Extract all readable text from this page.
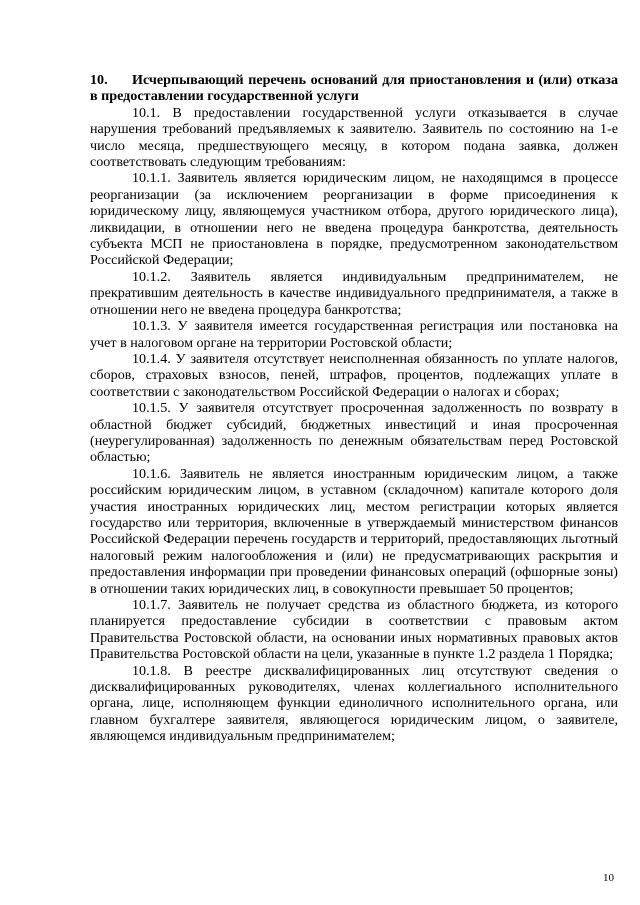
10. Исчерпывающий перечень оснований для приостановления и (или) отказа в предоставлении государственной услуги

10.1. В предоставлении государственной услуги отказывается в случае нарушения требований предъявляемых к заявителю. Заявитель по состоянию на 1-е число месяца, предшествующего месяцу, в котором подана заявка, должен соответствовать следующим требованиям:

10.1.1. Заявитель является юридическим лицом, не находящимся в процессе реорганизации (за исключением реорганизации в форме присоединения к юридическому лицу, являющемуся участником отбора, другого юридического лица), ликвидации, в отношении него не введена процедура банкротства, деятельность субъекта МСП не приостановлена в порядке, предусмотренном законодательством Российской Федерации;

10.1.2. Заявитель является индивидуальным предпринимателем, не прекратившим деятельность в качестве индивидуального предпринимателя, а также в отношении него не введена процедура банкротства;

10.1.3. У заявителя имеется государственная регистрация или постановка на учет в налоговом органе на территории Ростовской области;

10.1.4. У заявителя отсутствует неисполненная обязанность по уплате налогов, сборов, страховых взносов, пеней, штрафов, процентов, подлежащих уплате в соответствии с законодательством Российской Федерации о налогах и сборах;

10.1.5. У заявителя отсутствует просроченная задолженность по возврату в областной бюджет субсидий, бюджетных инвестиций и иная просроченная (неурегулированная) задолженность по денежным обязательствам перед Ростовской областью;

10.1.6. Заявитель не является иностранным юридическим лицом, а также российским юридическим лицом, в уставном (складочном) капитале которого доля участия иностранных юридических лиц, местом регистрации которых является государство или территория, включенные в утверждаемый министерством финансов Российской Федерации перечень государств и территорий, предоставляющих льготный налоговый режим налогообложения и (или) не предусматривающих раскрытия и предоставления информации при проведении финансовых операций (офшорные зоны) в отношении таких юридических лиц, в совокупности превышает 50 процентов;

10.1.7. Заявитель не получает средства из областного бюджета, из которого планируется предоставление субсидии в соответствии с правовым актом Правительства Ростовской области, на основании иных нормативных правовых актов Правительства Ростовской области на цели, указанные в пункте 1.2 раздела 1 Порядка;

10.1.8. В реестре дисквалифицированных лиц отсутствуют сведения о дисквалифицированных руководителях, членах коллегиального исполнительного органа, лице, исполняющем функции единоличного исполнительного органа, или главном бухгалтере заявителя, являющегося юридическим лицом, о заявителе, являющемся индивидуальным предпринимателем;

10
